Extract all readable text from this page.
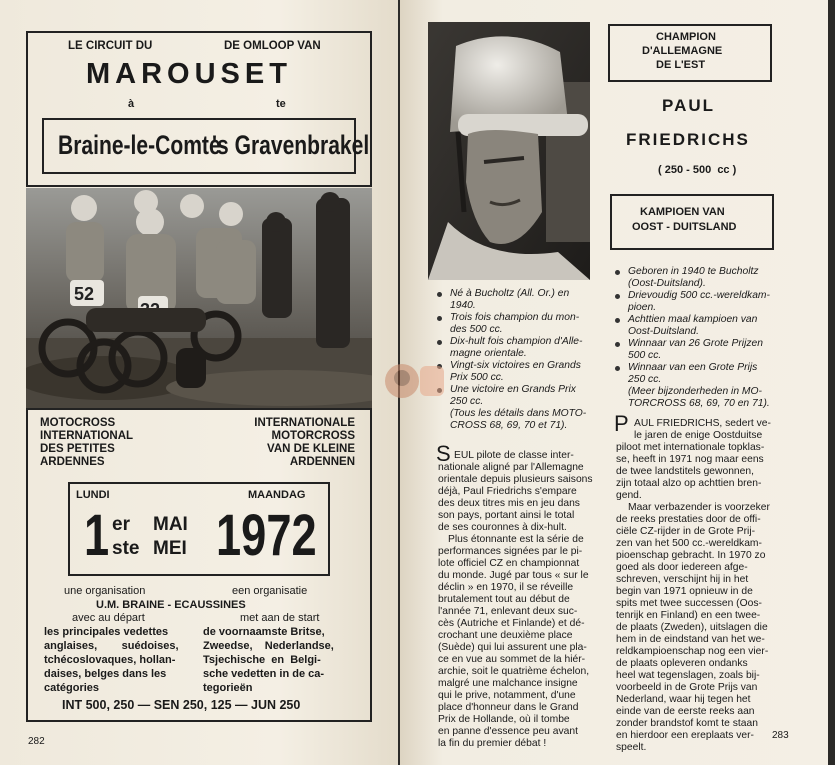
LE CIRCUIT DU	DE OMLOOP VAN
MAROUSET
à	te
Braine-le-Comte
's Gravenbrakel
52
MOTOCROSS
INTERNATIONAL
DES PETITES
ARDENNES
INTERNATIONALE
MOTORCROSS
VAN DE KLEINE
ARDENNEN
LUNDI	MAANDAG
1 er
ste
MAI
MEI 1972
une organisation	een organisatie
U.M. BRAINE - ECAUSSINES
avec au départ	met aan de start
les principales vedettes
anglaises,        suédoises,
tchécoslovaques, hollan-
daises, belges dans les
catégories
de voornaamste Britse,
Zweedse,    Nederlandse,
Tsjechische  en  Belgi-
sche vedetten in de ca-
tegorieën
INT 500, 250 — SEN 250, 125 — JUN 250
282
CHAMPION
D'ALLEMAGNE
DE L'EST
PAUL
FRIEDRICHS
( 250 - 500  cc )
KAMPIOEN VAN
OOST - DUITSLAND
Né à Bucholtz (All. Or.) en
1940.
Trois fois champion du mon-
des 500 cc.
Dix-hult fois champion d'Alle-
magne orientale.
Vingt-six victoires en Grands
Prix 500 cc.
Une victoire en Grands Prix
250 cc.
(Tous les détails dans MOTO-
CROSS 68, 69, 70 et 71).
Geboren in 1940 te Bucholtz
(Oost-Duitsland).
Drievoudig 500 cc.-wereldkam-
pioen.
Achttien maal kampioen van
Oost-Duitsland.
Winnaar van 26 Grote Prijzen
500 cc.
Winnaar van een Grote Prijs
250 cc.
(Meer bijzonderheden in MO-
TORCROSS 68, 69, 70 en 71).
S EUL pilote de classe inter-
nationale aligné par l'Allemagne
orientale depuis plusieurs saisons
déjà, Paul Friedrichs s'empare
des deux titres mis en jeu dans
son pays, portant ainsi le total
de ses couronnes à dix-hult.
Plus étonnante est la série de
performances signées par le pi-
lote officiel CZ en championnat
du monde. Jugé par tous « sur le
déclin » en 1970, il se réveille
brutalement tout au début de
l'année 71, enlevant deux suc-
cès (Autriche et Finlande) et dé-
crochant une deuxième place
(Suède) qui lui assurent une pla-
ce en vue au sommet de la hiér-
archie, soit le quatrième échelon,
malgré une malchance insigne
qui le prive, notamment, d'une
place d'honneur dans le Grand
Prix de Hollande, où il tombe
en panne d'essence peu avant
la fin du premier débat !
P AUL FRIEDRICHS, sedert ve-
le jaren de enige Oostduitse
piloot met internationale topklas-
se, heeft in 1971 nog maar eens
de twee landstitels gewonnen,
zijn totaal alzo op achttien bren-
gend.
Maar verbazender is voorzeker
de reeks prestaties door de offi-
ciële CZ-rijder in de Grote Prij-
zen van het 500 cc.-wereldkam-
pioenschap gebracht. In 1970 zo
goed als door iedereen afge-
schreven, verschijnt hij in het
begin van 1971 opnieuw in de
spits met twee successen (Oos-
tenrijk en Finland) en een twee-
de plaats (Zweden), uitslagen die
hem in de eindstand van het we-
reldkampioenschap nog een vier-
de plaats opleveren ondanks
heel wat tegenslagen, zoals bij-
voorbeeld in de Grote Prijs van
Nederland, waar hij tegen het
einde van de eerste reeks aan
zonder brandstof komt te staan
en hierdoor een ereplaats ver-
speelt.
283
